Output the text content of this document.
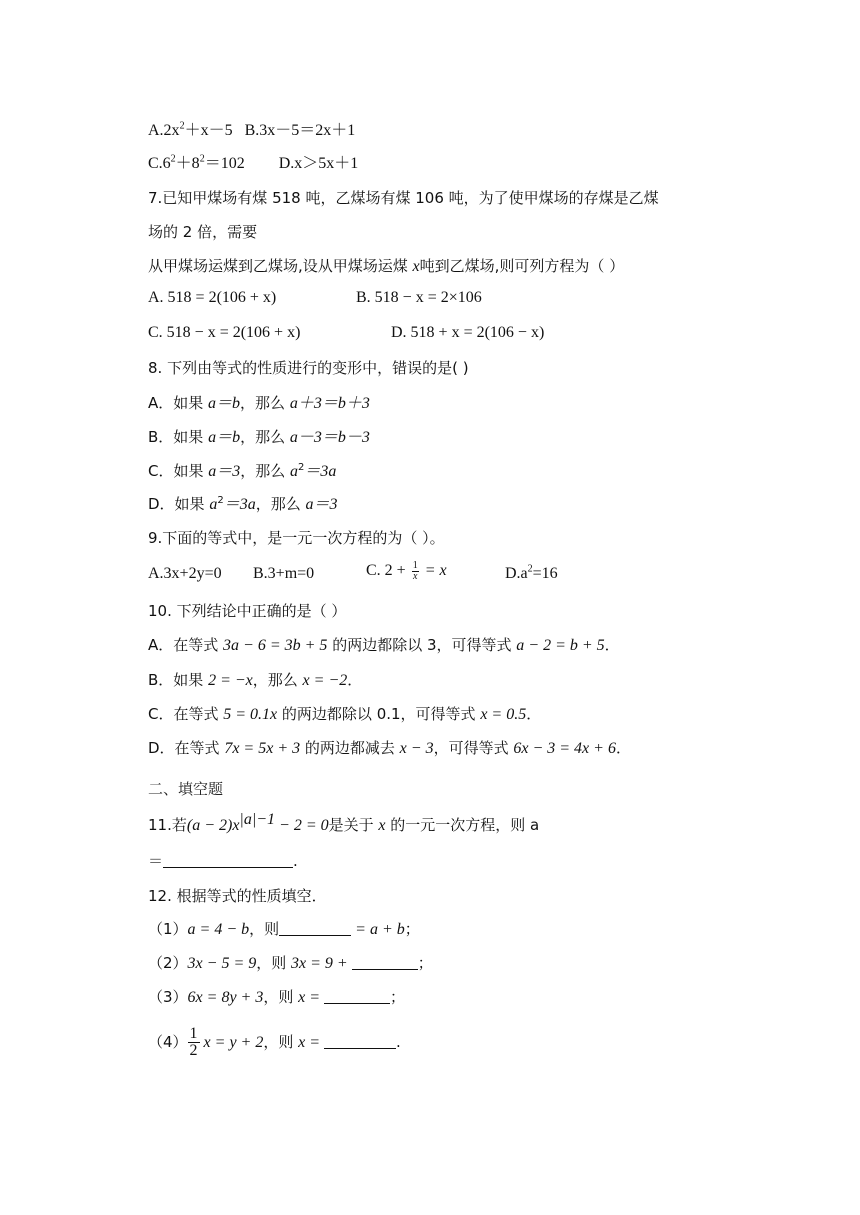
$A.2x^2+x-5$ B.3x－5＝2x＋1
$C.6^2+8^2=102$ D.x＞5x＋1
7.已知甲煤场有煤 518 吨，乙煤场有煤 106 吨，为了使甲煤场的存煤是乙煤
场的 2 倍，需要
从甲煤场运煤到乙煤场,设从甲煤场运煤 x吨到乙煤场,则可列方程为（ ）
A. 518 = 2(106 + x)	B. 518 − x = 2×106
C. 518 − x = 2(106 + x)	D. 518 + x = 2(106 − x)
8. 下列由等式的性质进行的变形中，错误的是( )
A．如果 a＝b，那么 a＋3＝b＋3
B．如果 a＝b，那么 a－3＝b－3
C．如果 a＝3，那么 $a^2=3a$
D．如果 $a^2=3a$，那么 a＝3
9.下面的等式中，是一元一次方程的为（ ）。
A.3x+2y=0 B.3+m=0	C. $2 + \frac{1}{x} = x$	$D.a^2=16$
10. 下列结论中正确的是（ ）
A．在等式 3a − 6 = 3b + 5 的两边都除以 3，可得等式 a − 2 = b + 5．
B．如果 2 = −x，那么 x = −2．
C．在等式 5 = 0.1x 的两边都除以 0.1，可得等式 x = 0.5．
D．在等式 7x = 5x + 3 的两边都减去 x − 3，可得等式 6x − 3 = 4x + 6．
二、填空题
11.若$(a - 2)x^{|a|-1} - 2 = 0$是关于 x 的一元一次方程，则 a
＝	.
12. 根据等式的性质填空．
（1）a = 4 − b，则	= a + b；
（2）3x − 5 = 9，则 3x = 9 +	；
（3）6x = 8y + 3，则 x =	；
$(4) \frac{1}{2}$ x = y + 2，则 x =	.
